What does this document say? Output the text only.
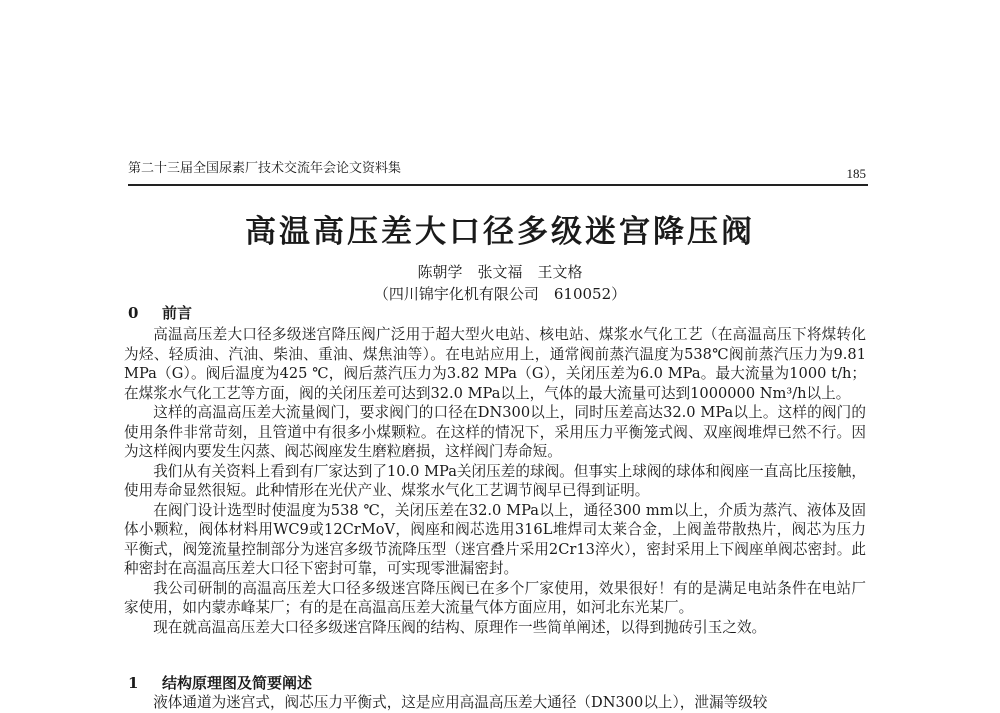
第二十三届全国尿素厂技术交流年会论文资料集	185
高温高压差大口径多级迷宫降压阀
陈朝学　张文福　王文格
（四川锦宇化机有限公司　610052）
0 前言

高温高压差大口径多级迷宫降压阀广泛用于超大型火电站、核电站、煤浆水气化工艺（在高温高压下将煤转化为烃、轻质油、汽油、柴油、重油、煤焦油等）。在电站应用上，通常阀前蒸汽温度为538℃阀前蒸汽压力为9.81 MPa（G）。阀后温度为425 ℃，阀后蒸汽压力为3.82 MPa（G），关闭压差为6.0 MPa。最大流量为1000 t/h；在煤浆水气化工艺等方面，阀的关闭压差可达到32.0 MPa以上，气体的最大流量可达到1000000 Nm³/h以上。

这样的高温高压差大流量阀门，要求阀门的口径在DN300以上，同时压差高达32.0 MPa以上。这样的阀门的使用条件非常苛刻，且管道中有很多小煤颗粒。在这样的情况下，采用压力平衡笼式阀、双座阀堆焊已然不行。因为这样阀内要发生闪蒸、阀芯阀座发生磨粒磨损，这样阀门寿命短。

我们从有关资料上看到有厂家达到了10.0 MPa关闭压差的球阀。但事实上球阀的球体和阀座一直高比压接触，使用寿命显然很短。此种情形在光伏产业、煤浆水气化工艺调节阀早已得到证明。

在阀门设计选型时使温度为538 ℃，关闭压差在32.0 MPa以上，通径300 mm以上，介质为蒸汽、液体及固体小颗粒，阀体材料用WC9或12CrMoV，阀座和阀芯选用316L堆焊司太莱合金，上阀盖带散热片，阀芯为压力平衡式，阀笼流量控制部分为迷宫多级节流降压型（迷宫叠片采用2Cr13淬火），密封采用上下阀座单阀芯密封。此种密封在高温高压差大口径下密封可靠，可实现零泄漏密封。

我公司研制的高温高压差大口径多级迷宫降压阀已在多个厂家使用，效果很好！有的是满足电站条件在电站厂家使用，如内蒙赤峰某厂；有的是在高温高压差大流量气体方面应用，如河北东光某厂。

现在就高温高压差大口径多级迷宫降压阀的结构、原理作一些简单阐述，以得到抛砖引玉之效。

1 结构原理图及简要阐述
液体通道为迷宫式，阀芯压力平衡式，这是应用高温高压差大通径（DN300以上），泄漏等级较
